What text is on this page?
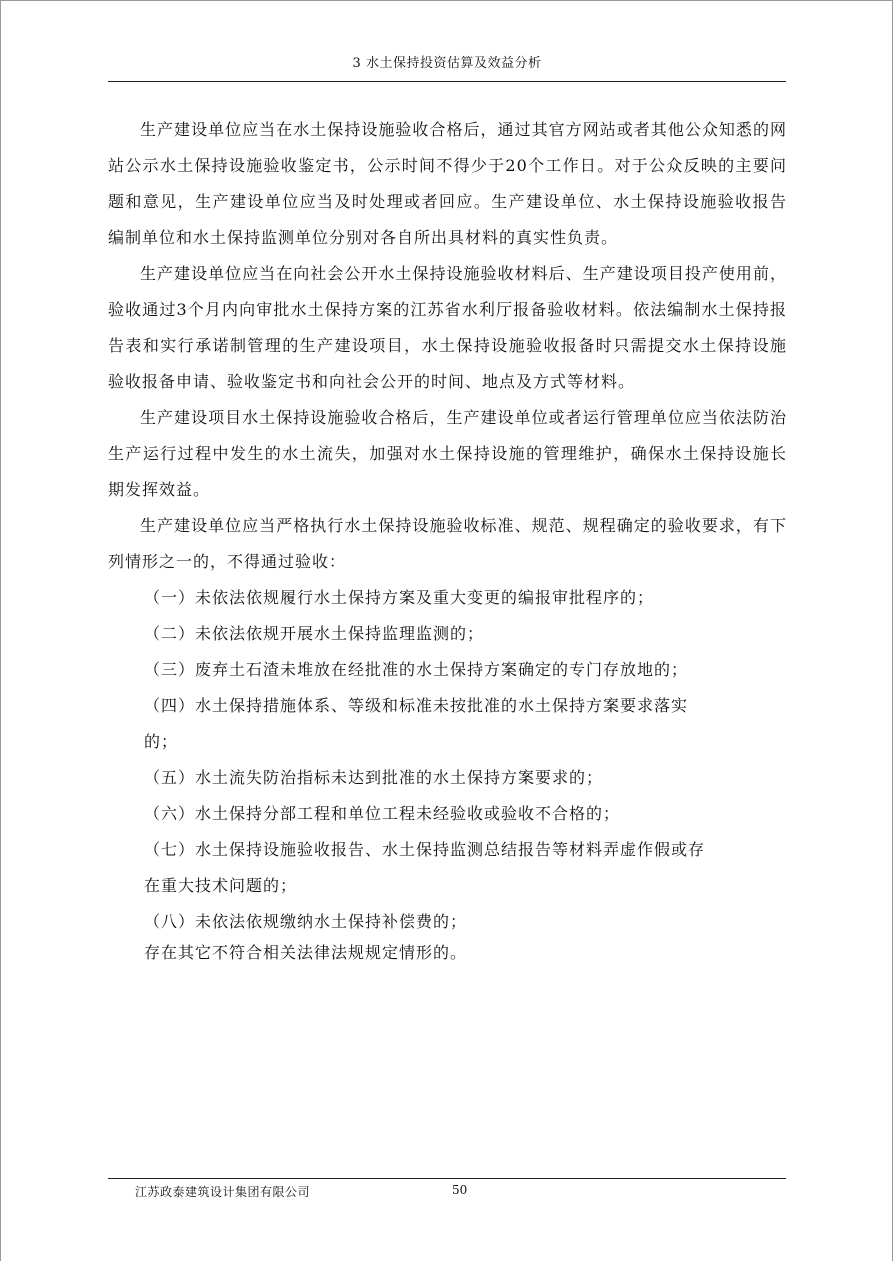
3 水土保持投资估算及效益分析

生产建设单位应当在水土保持设施验收合格后，通过其官方网站或者其他公众知悉的网站公示水土保持设施验收鉴定书，公示时间不得少于20个工作日。对于公众反映的主要问题和意见，生产建设单位应当及时处理或者回应。生产建设单位、水土保持设施验收报告编制单位和水土保持监测单位分别对各自所出具材料的真实性负责。

生产建设单位应当在向社会公开水土保持设施验收材料后、生产建设项目投产使用前，验收通过3个月内向审批水土保持方案的江苏省水利厅报备验收材料。依法编制水土保持报告表和实行承诺制管理的生产建设项目，水土保持设施验收报备时只需提交水土保持设施验收报备申请、验收鉴定书和向社会公开的时间、地点及方式等材料。

生产建设项目水土保持设施验收合格后，生产建设单位或者运行管理单位应当依法防治生产运行过程中发生的水土流失，加强对水土保持设施的管理维护，确保水土保持设施长期发挥效益。

生产建设单位应当严格执行水土保持设施验收标准、规范、规程确定的验收要求，有下列情形之一的，不得通过验收：

（一）未依法依规履行水土保持方案及重大变更的编报审批程序的；

（二）未依法依规开展水土保持监理监测的；

（三）废弃土石渣未堆放在经批准的水土保持方案确定的专门存放地的；

（四）水土保持措施体系、等级和标准未按批准的水土保持方案要求落实

的；

（五）水土流失防治指标未达到批准的水土保持方案要求的；

（六）水土保持分部工程和单位工程未经验收或验收不合格的；

（七）水土保持设施验收报告、水土保持监测总结报告等材料弄虚作假或存

在重大技术问题的；

（八）未依法依规缴纳水土保持补偿费的；

存在其它不符合相关法律法规规定情形的。

江苏政泰建筑设计集团有限公司	50
